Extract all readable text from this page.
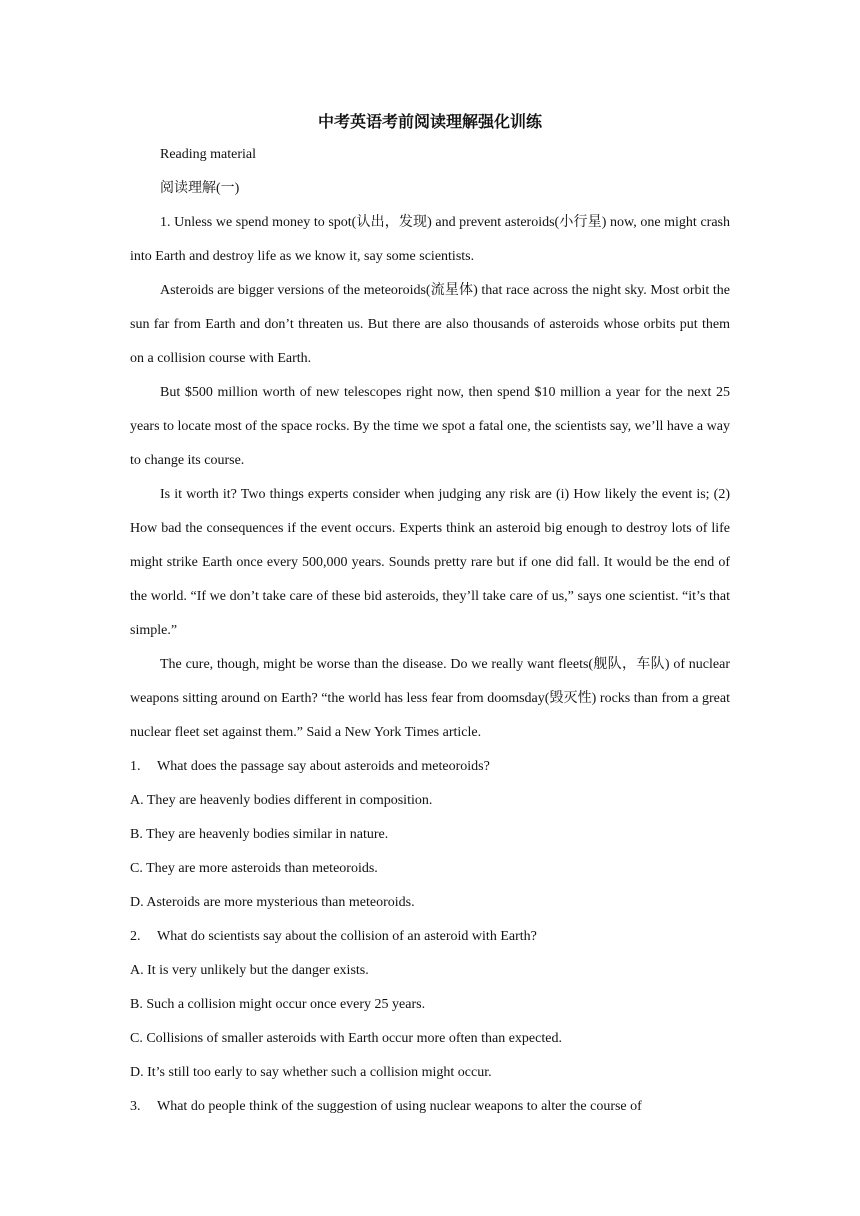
中考英语考前阅读理解强化训练

Reading material

阅读理解(一)

1. Unless we spend money to spot(认出，发现) and prevent asteroids(小行星) now, one might crash into Earth and destroy life as we know it, say some scientists.

Asteroids are bigger versions of the meteoroids(流星体) that race across the night sky. Most orbit the sun far from Earth and don’t threaten us. But there are also thousands of asteroids whose orbits put them on a collision course with Earth.

But $500 million worth of new telescopes right now, then spend $10 million a year for the next 25 years to locate most of the space rocks. By the time we spot a fatal one, the scientists say, we’ll have a way to change its course.

Is it worth it? Two things experts consider when judging any risk are (i) How likely the event is; (2) How bad the consequences if the event occurs. Experts think an asteroid big enough to destroy lots of life might strike Earth once every 500,000 years. Sounds pretty rare but if one did fall. It would be the end of the world. “If we don’t take care of these bid asteroids, they’ll take care of us,” says one scientist. “it’s that simple.”

The cure, though, might be worse than the disease. Do we really want fleets(舰队，车队) of nuclear weapons sitting around on Earth? “the world has less fear from doomsday(毁灭性) rocks than from a great nuclear fleet set against them.” Said a New York Times article.

1. What does the passage say about asteroids and meteoroids?

A. They are heavenly bodies different in composition.

B. They are heavenly bodies similar in nature.

C. They are more asteroids than meteoroids.

D. Asteroids are more mysterious than meteoroids.

2. What do scientists say about the collision of an asteroid with Earth?

A. It is very unlikely but the danger exists.

B. Such a collision might occur once every 25 years.

C. Collisions of smaller asteroids with Earth occur more often than expected.

D. It’s still too early to say whether such a collision might occur.

3. What do people think of the suggestion of using nuclear weapons to alter the course of
